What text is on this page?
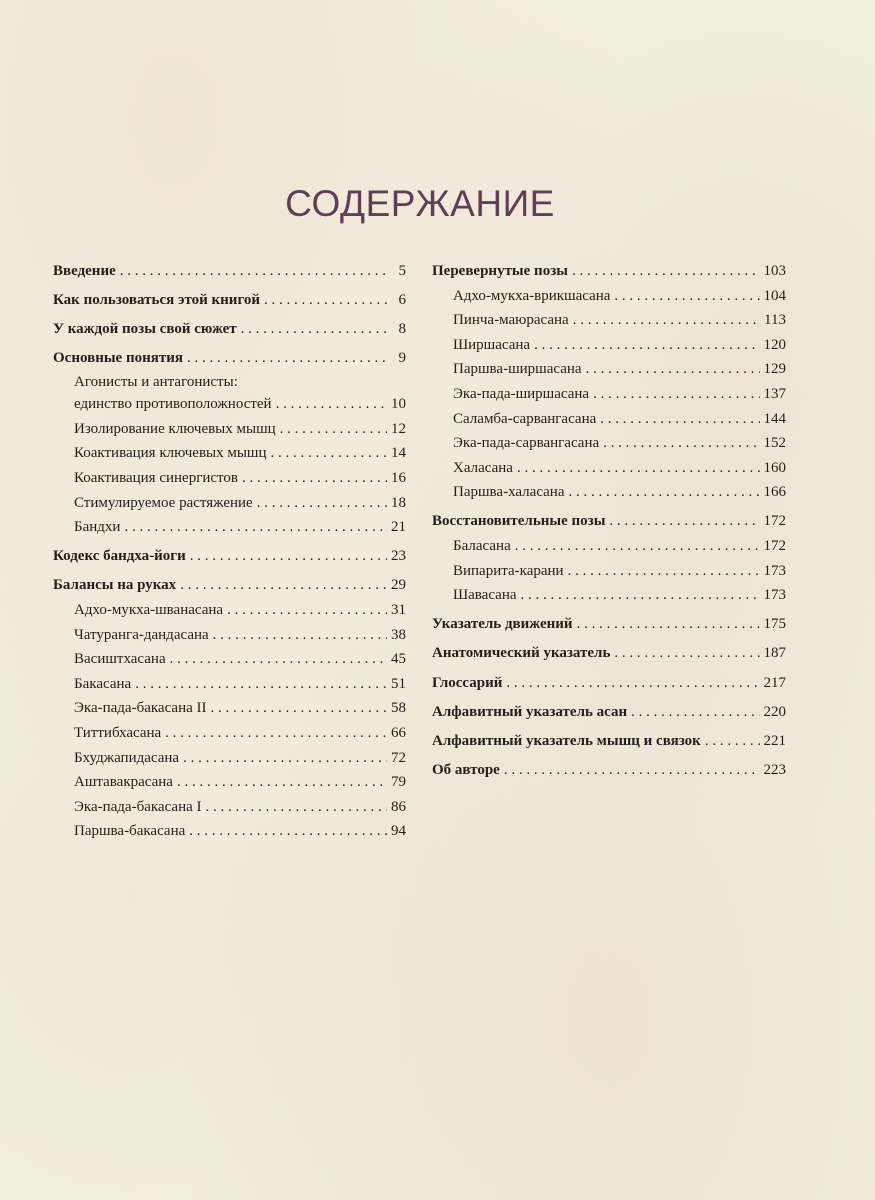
СОДЕРЖАНИЕ
Введение . . .	5
Как пользоваться этой книгой . . .	6
У каждой позы свой сюжет . . .	8
Основные понятия . . .	9
Агонисты и антагонисты:
единство противоположностей . . .	10
Изолирование ключевых мышц . . .	12
Коактивация ключевых мышц . . .	14
Коактивация синергистов . . .	16
Стимулируемое растяжение . . .	18
Бандхи . . .	21
Кодекс бандха-йоги . . .	23
Балансы на руках . . .	29
Адхо-мукха-шванасана . . .	31
Чатуранга-дандасана . . .	38
Васиштхасана . . .	45
Бакасана . . .	51
Эка-пада-бакасана II . . .	58
Титтибхасана . . .	66
Бхуджапидасана . . .	72
Аштавакрасана . . .	79
Эка-пада-бакасана I . . .	86
Паршва-бакасана . . .	94
Перевернутые позы . . .	103
Адхо-мукха-врикшасана . . .	104
Пинча-маюрасана . . .	113
Ширшасана . . .	120
Паршва-ширшасана . . .	129
Эка-пада-ширшасана . . .	137
Саламба-сарвангасана . . .	144
Эка-пада-сарвангасана . . .	152
Халасана . . .	160
Паршва-халасана . . .	166
Восстановительные позы . . .	172
Баласана . . .	172
Випарита-карани . . .	173
Шавасана . . .	173
Указатель движений . . .	175
Анатомический указатель . . .	187
Глоссарий . . .	217
Алфавитный указатель асан . . .	220
Алфавитный указатель мышц и связок . . .	221
Об авторе . . .	223
